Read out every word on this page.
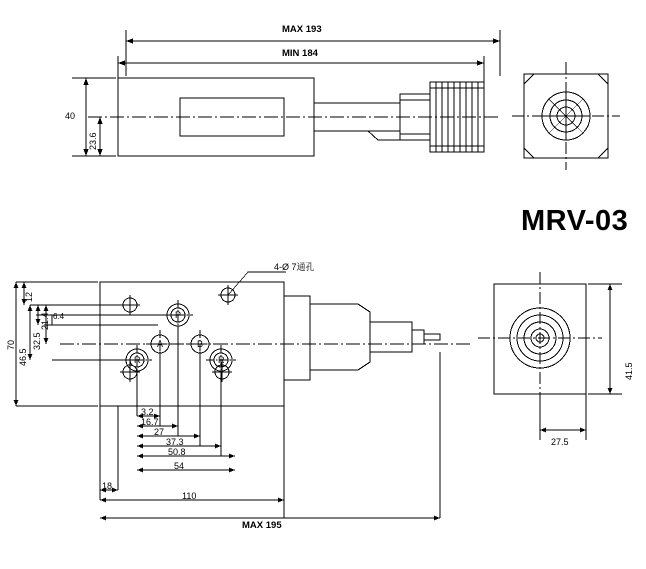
MAX 193
MIN 184
40
23.6
MRV-03
4-Ø 7通孔
12
21.4
32.5
46.5
70
6.4
3.2
16.7
27
37.3
50.8
54
18
110
MAX 195
P
A	B
R	R
41.5
27.5
